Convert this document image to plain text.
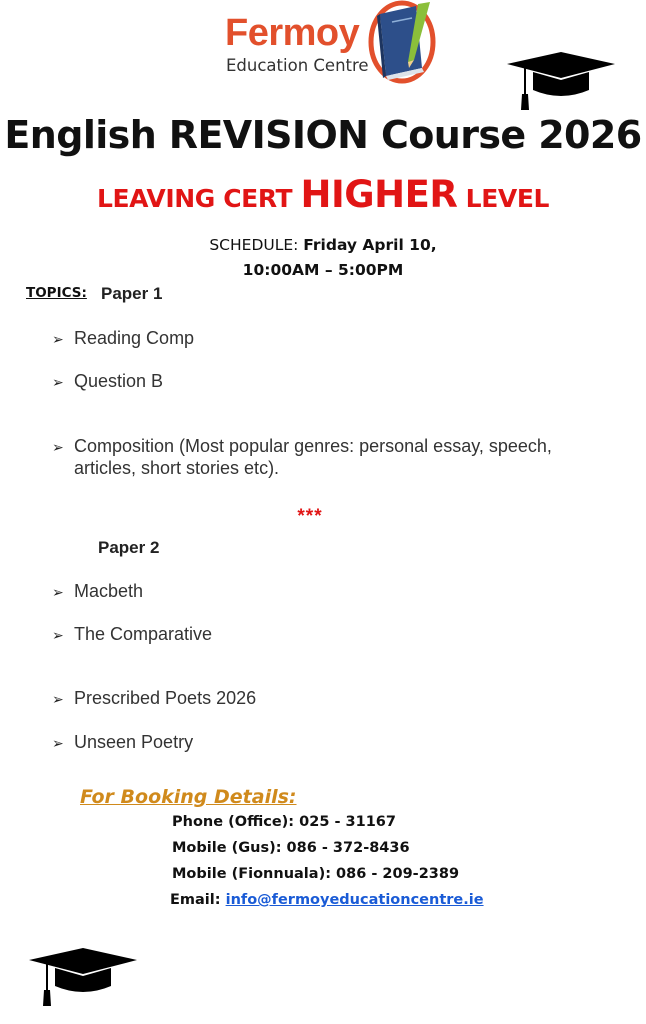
Fermoy
Education Centre
English REVISION Course 2026
LEAVING CERT HIGHER LEVEL
SCHEDULE: Friday April 10,
10:00AM – 5:00PM
TOPICS: Paper 1
➢ Reading Comp
➢ Question B
➢ Composition (Most popular genres: personal essay, speech, articles, short stories etc).
***
Paper 2
➢ Macbeth
➢ The Comparative
➢ Prescribed Poets 2026
➢ Unseen Poetry
For Booking Details:
Phone (Office): 025 - 31167
Mobile (Gus): 086 - 372-8436
Mobile (Fionnuala): 086 - 209-2389
Email: info@fermoyeducationcentre.ie
